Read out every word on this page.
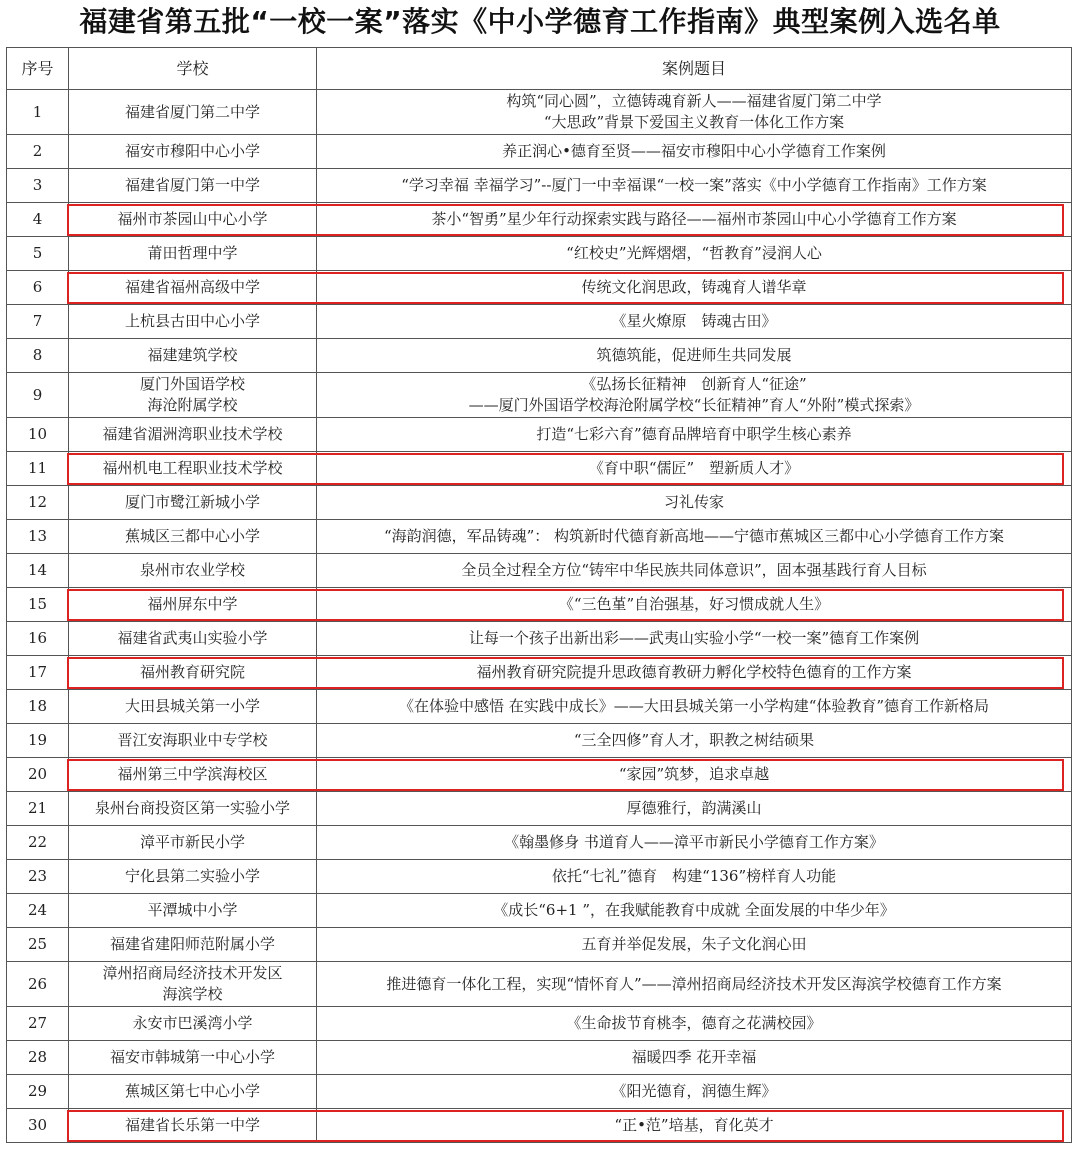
福建省第五批“一校一案”落实《中小学德育工作指南》典型案例入选名单
序号	学校	案例题目
1	福建省厦门第二中学	构筑“同心圆”，立德铸魂育新人——福建省厦门第二中学
“大思政”背景下爱国主义教育一体化工作方案
2	福安市穆阳中心小学	养正润心•德育至贤——福安市穆阳中心小学德育工作案例
3	福建省厦门第一中学	“学习幸福 幸福学习”--厦门一中幸福课“一校一案”落实《中小学德育工作指南》工作方案
4	福州市茶园山中心小学	茶小“智勇”星少年行动探索实践与路径——福州市茶园山中心小学德育工作方案
5	莆田哲理中学	“红校史”光辉熠熠，“哲教育”浸润人心
6	福建省福州高级中学	传统文化润思政，铸魂育人谱华章
7	上杭县古田中心小学	《星火燎原　铸魂古田》
8	福建建筑学校	筑德筑能，促进师生共同发展
9	厦门外国语学校
海沧附属学校	《弘扬长征精神　创新育人“征途”
——厦门外国语学校海沧附属学校“长征精神”育人“外附”模式探索》
10	福建省湄洲湾职业技术学校	打造“七彩六育”德育品牌培育中职学生核心素养
11	福州机电工程职业技术学校	《育中职“儒匠”　塑新质人才》
12	厦门市鹭江新城小学	习礼传家
13	蕉城区三都中心小学	“海韵润德，军品铸魂”： 构筑新时代德育新高地——宁德市蕉城区三都中心小学德育工作方案
14	泉州市农业学校	全员全过程全方位“铸牢中华民族共同体意识”，固本强基践行育人目标
15	福州屏东中学	《“三色堇”自治强基，好习惯成就人生》
16	福建省武夷山实验小学	让每一个孩子出新出彩——武夷山实验小学“一校一案”德育工作案例
17	福州教育研究院	福州教育研究院提升思政德育教研力孵化学校特色德育的工作方案
18	大田县城关第一小学	《在体验中感悟 在实践中成长》——大田县城关第一小学构建“体验教育”德育工作新格局
19	晋江安海职业中专学校	“三全四修”育人才，职教之树结硕果
20	福州第三中学滨海校区	“家园”筑梦，追求卓越
21	泉州台商投资区第一实验小学	厚德雅行，韵满溪山
22	漳平市新民小学	《翰墨修身 书道育人——漳平市新民小学德育工作方案》
23	宁化县第二实验小学	依托“七礼”德育　构建“136”榜样育人功能
24	平潭城中小学	《成长“6+1 ”，在我赋能教育中成就 全面发展的中华少年》
25	福建省建阳师范附属小学	五育并举促发展，朱子文化润心田
26	漳州招商局经济技术开发区
海滨学校	推进德育一体化工程，实现“情怀育人”——漳州招商局经济技术开发区海滨学校德育工作方案
27	永安市巴溪湾小学	《生命拔节育桃李，德育之花满校园》
28	福安市韩城第一中心小学	福暖四季 花开幸福
29	蕉城区第七中心小学	《阳光德育，润德生辉》
30	福建省长乐第一中学	“正•范”培基，育化英才
